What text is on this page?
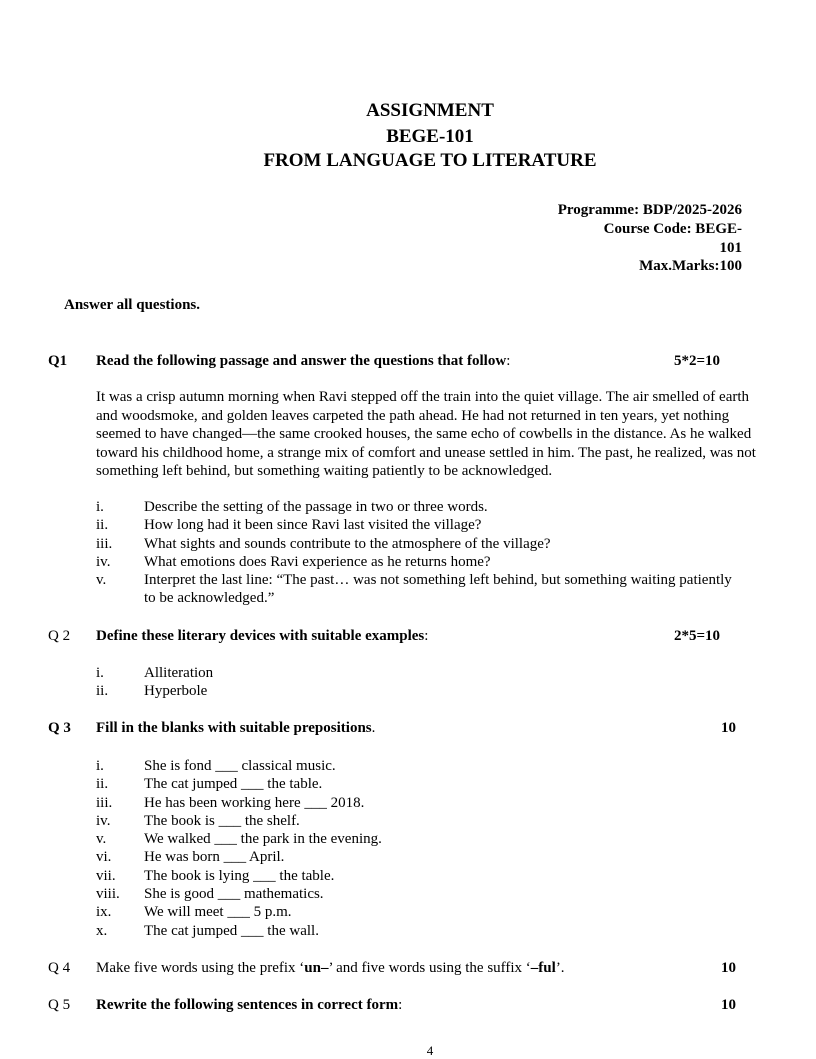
ASSIGNMENT
BEGE-101
FROM LANGUAGE TO LITERATURE
Programme: BDP/2025-2026
Course Code: BEGE-
101
Max.Marks:100
Answer all questions.
Q1 Read the following passage and answer the questions that follow:	5*2=10
It was a crisp autumn morning when Ravi stepped off the train into the quiet village. The air smelled of earth and woodsmoke, and golden leaves carpeted the path ahead. He had not returned in ten years, yet nothing seemed to have changed—the same crooked houses, the same echo of cowbells in the distance. As he walked toward his childhood home, a strange mix of comfort and unease settled in him. The past, he realized, was not something left behind, but something waiting patiently to be acknowledged.
i.	Describe the setting of the passage in two or three words.
ii. How long had it been since Ravi last visited the village?
iii. What sights and sounds contribute to the atmosphere of the village?
iv. What emotions does Ravi experience as he returns home?
v.	Interpret the last line: “The past… was not something left behind, but something waiting patiently to be acknowledged.”
Q 2 Define these literary devices with suitable examples:	2*5=10
i.	Alliteration
ii. Hyperbole
Q 3 Fill in the blanks with suitable prepositions.	10
i.	She is fond ___ classical music.
ii. The cat jumped ___ the table.
iii. He has been working here ___ 2018.
iv. The book is ___ the shelf.
v.	We walked ___ the park in the evening.
vi. He was born ___ April.
vii. The book is lying ___ the table.
viii. She is good ___ mathematics.
ix. We will meet ___ 5 p.m.
x. The cat jumped ___ the wall.
Q 4 Make five words using the prefix ‘un–’ and five words using the suffix ‘–ful’.	10
Q 5 Rewrite the following sentences in correct form:	10
4
